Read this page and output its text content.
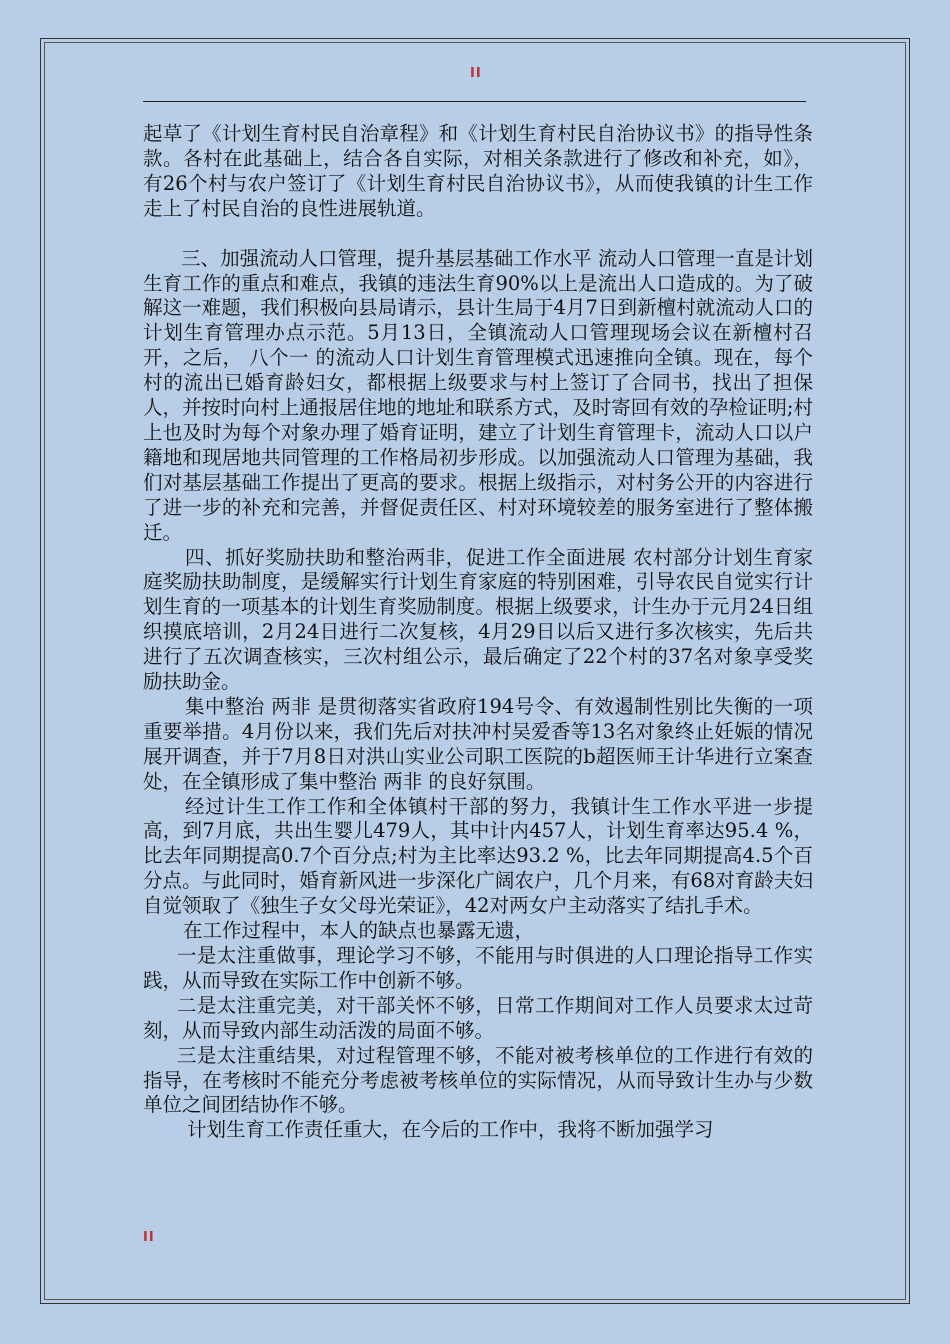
II

起草了《计划生育村民自治章程》和《计划生育村民自治协议书》的指导性条款。各村在此基础上，结合各自实际，对相关条款进行了修改和补充，如》，有26个村与农户签订了《计划生育村民自治协议书》，从而使我镇的计生工作走上了村民自治的良性进展轨道。

三、加强流动人口管理，提升基层基础工作水平 流动人口管理一直是计划生育工作的重点和难点，我镇的违法生育90%以上是流出人口造成的。为了破解这一难题，我们积极向县局请示，县计生局于4月7日到新檀村就流动人口的计划生育管理办点示范。5月13日，全镇流动人口管理现场会议在新檀村召开，之后， 八个一 的流动人口计划生育管理模式迅速推向全镇。现在，每个村的流出已婚育龄妇女，都根据上级要求与村上签订了合同书，找出了担保人，并按时向村上通报居住地的地址和联系方式，及时寄回有效的孕检证明;村上也及时为每个对象办理了婚育证明，建立了计划生育管理卡，流动人口以户籍地和现居地共同管理的工作格局初步形成。以加强流动人口管理为基础，我们对基层基础工作提出了更高的要求。根据上级指示，对村务公开的内容进行了进一步的补充和完善，并督促责任区、村对环境较差的服务室进行了整体搬迁。

四、抓好奖励扶助和整治两非，促进工作全面进展 农村部分计划生育家庭奖励扶助制度，是缓解实行计划生育家庭的特别困难，引导农民自觉实行计划生育的一项基本的计划生育奖励制度。根据上级要求，计生办于元月24日组织摸底培训，2月24日进行二次复核，4月29日以后又进行多次核实，先后共进行了五次调查核实，三次村组公示，最后确定了22个村的37名对象享受奖励扶助金。

集中整治 两非 是贯彻落实省政府194号令、有效遏制性别比失衡的一项重要举措。4月份以来，我们先后对扶冲村吴爱香等13名对象终止妊娠的情况展开调查，并于7月8日对洪山实业公司职工医院的b超医师王计华进行立案查处，在全镇形成了集中整治 两非 的良好氛围。

经过计生工作工作和全体镇村干部的努力，我镇计生工作水平进一步提高，到7月底，共出生婴儿479人，其中计内457人，计划生育率达95.4 %， 比去年同期提高0.7个百分点;村为主比率达93.2 %，比去年同期提高4.5个百分点。与此同时，婚育新风进一步深化广阔农户，几个月来，有68对育龄夫妇自觉领取了《独生子女父母光荣证》，42对两女户主动落实了结扎手术。

在工作过程中，本人的缺点也暴露无遗，

一是太注重做事，理论学习不够，不能用与时俱进的人口理论指导工作实践，从而导致在实际工作中创新不够。

二是太注重完美，对干部关怀不够，日常工作期间对工作人员要求太过苛刻，从而导致内部生动活泼的局面不够。

三是太注重结果，对过程管理不够，不能对被考核单位的工作进行有效的指导，在考核时不能充分考虑被考核单位的实际情况，从而导致计生办与少数单位之间团结协作不够。

计划生育工作责任重大，在今后的工作中，我将不断加强学习

II
